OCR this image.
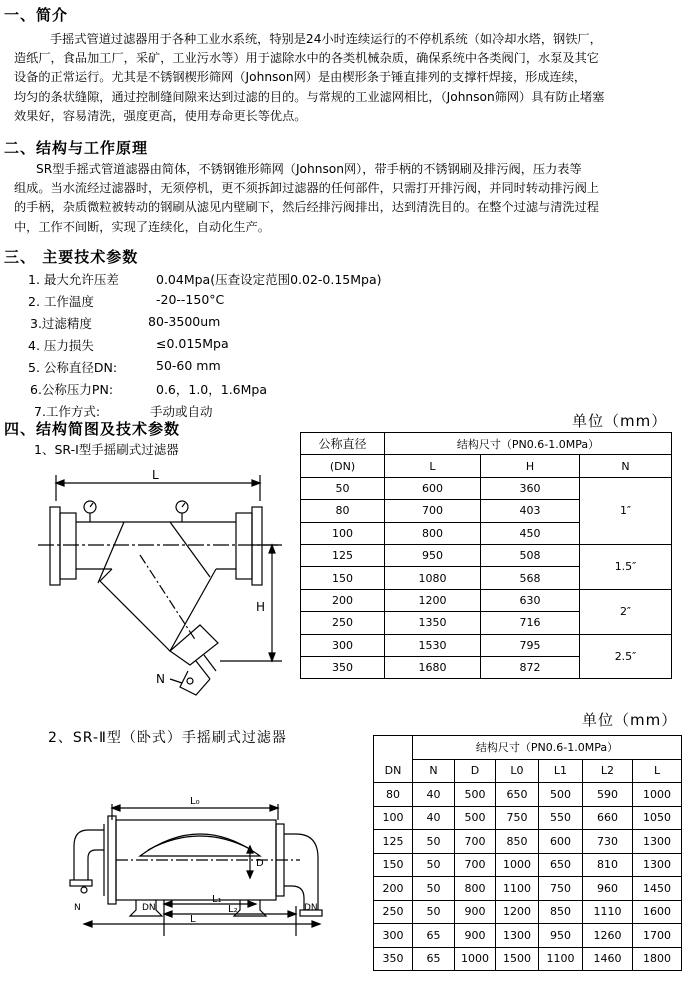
一、简介

手摇式管道过滤器用于各种工业水系统，特别是24小时连续运行的不停机系统（如冷却水塔，钢铁厂，

造纸厂，食品加工厂，采矿，工业污水等）用于滤除水中的各类机械杂质，确保系统中各类阀门，水泵及其它

设备的正常运行。尤其是不锈钢楔形筛网（Johnson网）是由楔形条于锤直排列的支撑杆焊接，形成连续，

均匀的条状缝隙，通过控制缝间隙来达到过滤的目的。与常规的工业滤网相比，（Johnson筛网）具有防止堵塞

效果好，容易清洗，强度更高，使用寿命更长等优点。

二、结构与工作原理

SR型手摇式管道滤器由简体，不锈钢锥形筛网（Johnson网），带手柄的不锈钢刷及排污阀，压力表等

组成。当水流经过滤器时，无须停机，更不须拆卸过滤器的任何部件，只需打开排污阀，并同时转动排污阀上

的手柄，杂质微粒被转动的钢刷从滤见内壁刷下，然后经排污阀排出，达到清洗目的。在整个过滤与清洗过程

中，工作不间断，实现了连续化，自动化生产。

三、 主要技术参数
1. 最大允许压差	0.04Mpa(压查设定范围0.02-0.15Mpa)
2. 工作温度	-20--150°C
3.过滤精度	80-3500um
4. 压力损失	≤0.015Mpa
5. 公称直径DN:	50-60 mm
6.公称压力PN:	0.6，1.0，1.6Mpa
7.工作方式:	手动或自动
四、结构简图及技术参数
1、SR-Ⅰ型手摇刷式过滤器
单位（mm）
L
H
N
公称直径	结构尺寸（PN0.6-1.0MPa）		
(DN)	L	H	N
50	600	360	1″
80	700	403	
100	800	450	
125	950	508	1.5″
150	1080	568	
200	1200	630	2″
250	1350	716	
300	1530	795	2.5″
350	1680	872	
单位（mm）
2、SR-Ⅱ型（卧式）手摇刷式过滤器
L₀
D
L₁
L₂
L
N	DN	DN
	结构尺寸（PN0.6-1.0MPa）					
DN	N	D	L0	L1	L2	L
80	40	500	650	500	590	1000
100	40	500	750	550	660	1050
125	50	700	850	600	730	1300
150	50	700	1000	650	810	1300
200	50	800	1100	750	960	1450
250	50	900	1200	850	1110	1600
300	65	900	1300	950	1260	1700
350	65	1000	1500	1100	1460	1800
